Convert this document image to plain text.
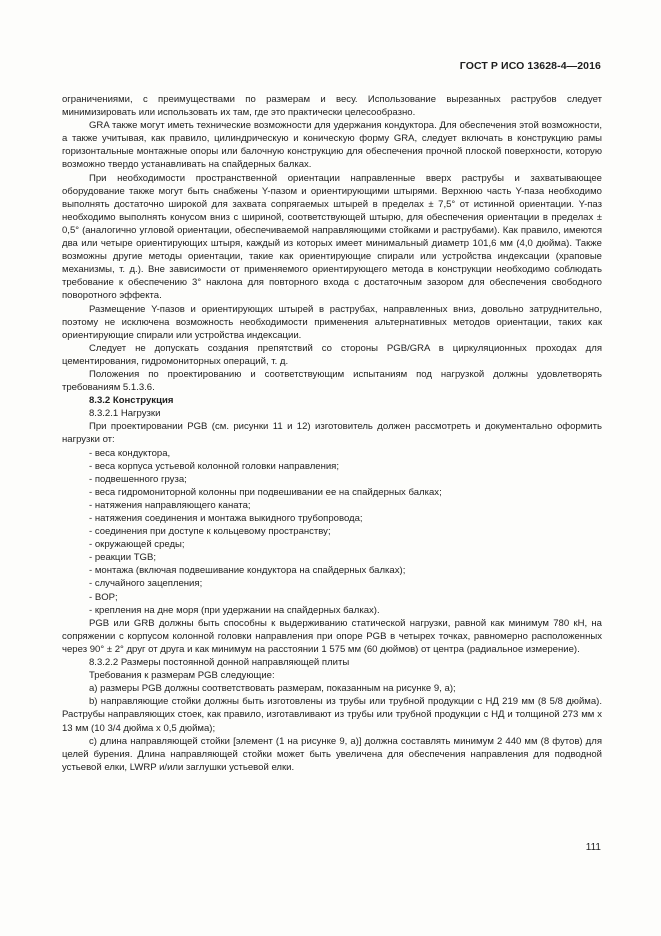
ГОСТ Р ИСО 13628-4—2016

ограничениями, с преимуществами по размерам и весу. Использование вырезанных раструбов следует минимизировать или использовать их там, где это практически целесообразно.

GRA также могут иметь технические возможности для удержания кондуктора. Для обеспечения этой возможности, а также учитывая, как правило, цилиндрическую и коническую форму GRA, следует включать в конструкцию рамы горизонтальные монтажные опоры или балочную конструкцию для обеспечения прочной плоской поверхности, которую возможно твердо устанавливать на спайдерных балках.

При необходимости пространственной ориентации направленные вверх раструбы и захватывающее оборудование также могут быть снабжены Y-пазом и ориентирующими штырями. Верхнюю часть Y-паза необходимо выполнять достаточно широкой для захвата сопрягаемых штырей в пределах ± 7,5° от истинной ориентации. Y-паз необходимо выполнять конусом вниз с шириной, соответствующей штырю, для обеспечения ориентации в пределах ± 0,5° (аналогично угловой ориентации, обеспечиваемой направляющими стойками и раструбами). Как правило, имеются два или четыре ориентирующих штыря, каждый из которых имеет минимальный диаметр 101,6 мм (4,0 дюйма). Также возможны другие методы ориентации, такие как ориентирующие спирали или устройства индексации (храповые механизмы, т. д.). Вне зависимости от применяемого ориентирующего метода в конструкции необходимо соблюдать требование к обеспечению 3° наклона для повторного входа с достаточным зазором для обеспечения свободного поворотного эффекта.

Размещение Y-пазов и ориентирующих штырей в раструбах, направленных вниз, довольно затруднительно, поэтому не исключена возможность необходимости применения альтернативных методов ориентации, таких как ориентирующие спирали или устройства индексации.

Следует не допускать создания препятствий со стороны PGB/GRA в циркуляционных проходах для цементирования, гидромониторных операций, т. д.

Положения по проектированию и соответствующим испытаниям под нагрузкой должны удовлетворять требованиям 5.1.3.6.

8.3.2 Конструкция

8.3.2.1 Нагрузки

При проектировании PGB (см. рисунки 11 и 12) изготовитель должен рассмотреть и документально оформить нагрузки от:

- веса кондуктора,

- веса корпуса устьевой колонной головки направления;

- подвешенного груза;

- веса гидромониторной колонны при подвешивании ее на спайдерных балках;

- натяжения направляющего каната;

- натяжения соединения и монтажа выкидного трубопровода;

- соединения при доступе к кольцевому пространству;

- окружающей среды;

- реакции TGB;

- монтажа (включая подвешивание кондуктора на спайдерных балках);

- случайного зацепления;

- BOP;

- крепления на дне моря (при удержании на спайдерных балках).

PGB или GRB должны быть способны к выдерживанию статической нагрузки, равной как минимум 780 кН, на сопряжении с корпусом колонной головки направления при опоре PGB в четырех точках, равномерно расположенных через 90° ± 2° друг от друга и как минимум на расстоянии 1 575 мм (60 дюймов) от центра (радиальное измерение).

8.3.2.2 Размеры постоянной донной направляющей плиты

Требования к размерам PGB следующие:

a) размеры PGB должны соответствовать размерам, показанным на рисунке 9, а);

b) направляющие стойки должны быть изготовлены из трубы или трубной продукции с НД 219 мм (8 5/8 дюйма). Раструбы направляющих стоек, как правило, изготавливают из трубы или трубной продукции с НД и толщиной 273 мм x 13 мм (10 3/4 дюйма x 0,5 дюйма);

c) длина направляющей стойки [элемент (1 на рисунке 9, а)] должна составлять минимум 2 440 мм (8 футов) для целей бурения. Длина направляющей стойки может быть увеличена для обеспечения направления для подводной устьевой елки, LWRP и/или заглушки устьевой елки.

111
